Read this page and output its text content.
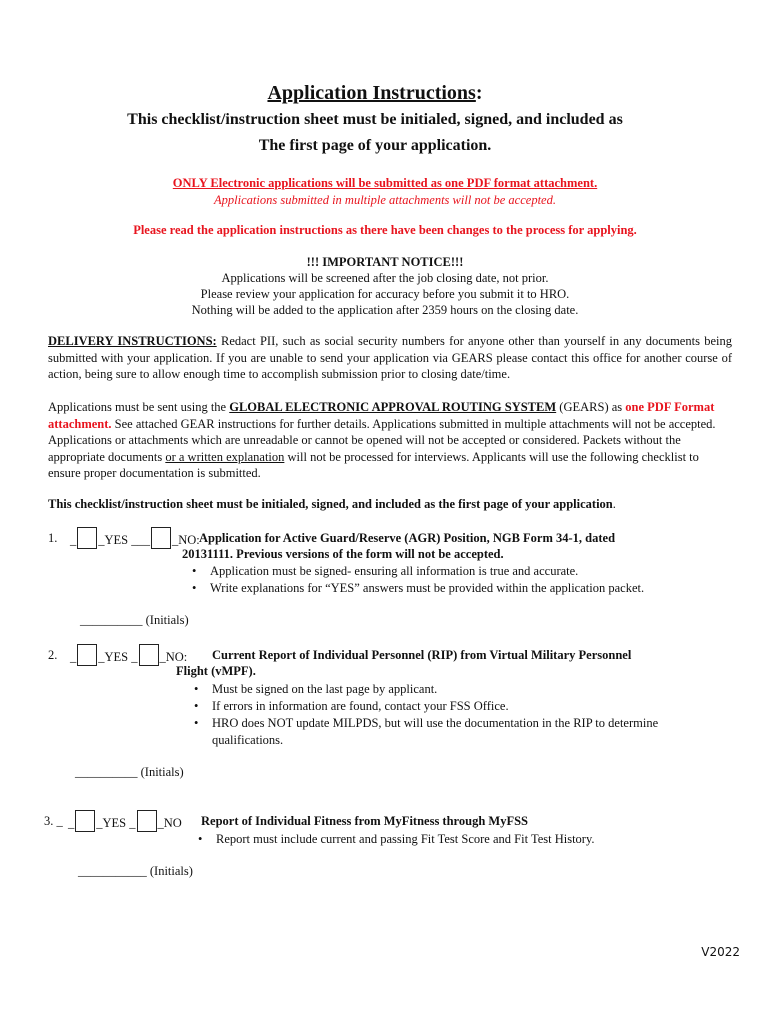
Application Instructions:
This checklist/instruction sheet must be initialed, signed, and included as
The first page of your application.
ONLY Electronic applications will be submitted as one PDF format attachment.
Applications submitted in multiple attachments will not be accepted.
Please read the application instructions as there have been changes to the process for applying.
!!! IMPORTANT NOTICE!!!
Applications will be screened after the job closing date, not prior.
Please review your application for accuracy before you submit it to HRO.
Nothing will be added to the application after 2359 hours on the closing date.
DELIVERY INSTRUCTIONS: Redact PII, such as social security numbers for anyone other than yourself in any documents being submitted with your application. If you are unable to send your application via GEARS please contact this office for another course of action, being sure to allow enough time to accomplish submission prior to closing date/time.
Applications must be sent using the GLOBAL ELECTRONIC APPROVAL ROUTING SYSTEM (GEARS) as one PDF Format attachment. See attached GEAR instructions for further details. Applications submitted in multiple attachments will not be accepted. Applications or attachments which are unreadable or cannot be opened will not be accepted or considered. Packets without the appropriate documents or a written explanation will not be processed for interviews. Applicants will use the following checklist to ensure proper documentation is submitted.
This checklist/instruction sheet must be initialed, signed, and included as the first page of your application.
1. _ _YES ___ _NO: Application for Active Guard/Reserve (AGR) Position, NGB Form 34-1, dated
20131111. Previous versions of the form will not be accepted.
• Application must be signed- ensuring all information is true and accurate.
• Write explanations for “YES” answers must be provided within the application packet.
__________ (Initials)
2. _ _YES _ _NO: Current Report of Individual Personnel (RIP) from Virtual Military Personnel
Flight (vMPF).
• Must be signed on the last page by applicant.
• If errors in information are found, contact your FSS Office.
• HRO does NOT update MILPDS, but will use the documentation in the RIP to determine qualifications.
__________ (Initials)
3. _ _ _YES _ _NO Report of Individual Fitness from MyFitness through MyFSS
• Report must include current and passing Fit Test Score and Fit Test History.
___________ (Initials)
V2022
